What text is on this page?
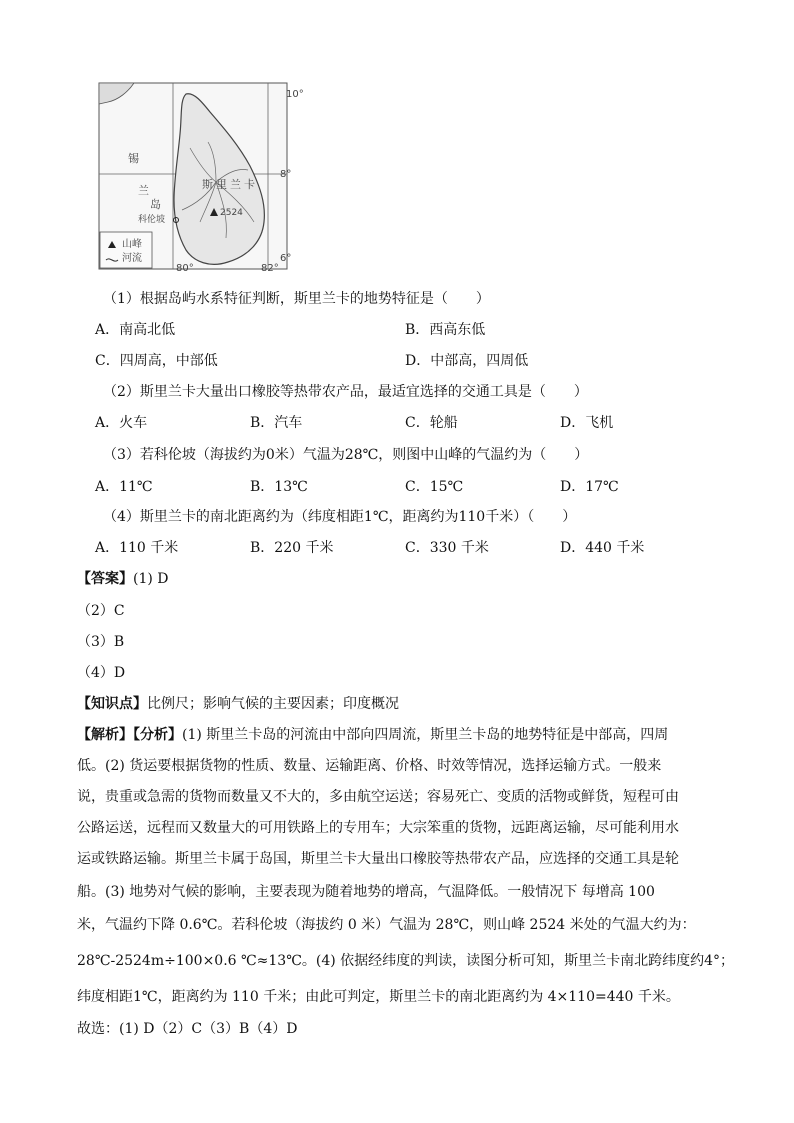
10°
8°
6°
80°	82°
锡
兰
岛
科伦坡
2524
斯 里 兰 卡
山峰
河流
（1）根据岛屿水系特征判断，斯里兰卡的地势特征是（　　）
A．南高北低	B．西高东低
C．四周高，中部低	D．中部高，四周低
（2）斯里兰卡大量出口橡胶等热带农产品，最适宜选择的交通工具是（　　）
A．火车	B．汽车	C．轮船	D．飞机
（3）若科伦坡（海拔约为0米）气温为28℃，则图中山峰的气温约为（　　）
A．11℃	B．13℃	C．15℃	D．17℃
（4）斯里兰卡的南北距离约为（纬度相距1℃，距离约为110千米）（　　）
A．110 千米	B．220 千米	C．330 千米	D．440 千米
【答案】(1) D
（2）C
（3）B
（4）D
【知识点】比例尺；影响气候的主要因素；印度概况
【解析】【分析】(1) 斯里兰卡岛的河流由中部向四周流，斯里兰卡岛的地势特征是中部高，四周
低。(2) 货运要根据货物的性质、数量、运输距离、价格、时效等情况，选择运输方式。一般来
说，贵重或急需的货物而数量又不大的，多由航空运送；容易死亡、变质的活物或鲜货，短程可由
公路运送，远程而又数量大的可用铁路上的专用车；大宗笨重的货物，远距离运输，尽可能利用水
运或铁路运输。斯里兰卡属于岛国，斯里兰卡大量出口橡胶等热带农产品，应选择的交通工具是轮
船。(3) 地势对气候的影响，主要表现为随着地势的增高，气温降低。一般情况下 每增高 100
米，气温约下降 0.6℃。若科伦坡（海拔约 0 米）气温为 28℃，则山峰 2524 米处的气温大约为：
28℃-2524m÷100×0.6 ℃≈13℃。(4) 依据经纬度的判读，读图分析可知，斯里兰卡南北跨纬度约4°；
纬度相距1℃，距离约为 110 千米；由此可判定，斯里兰卡的南北距离约为 4×110=440 千米。
故选：(1) D（2）C（3）B（4）D
